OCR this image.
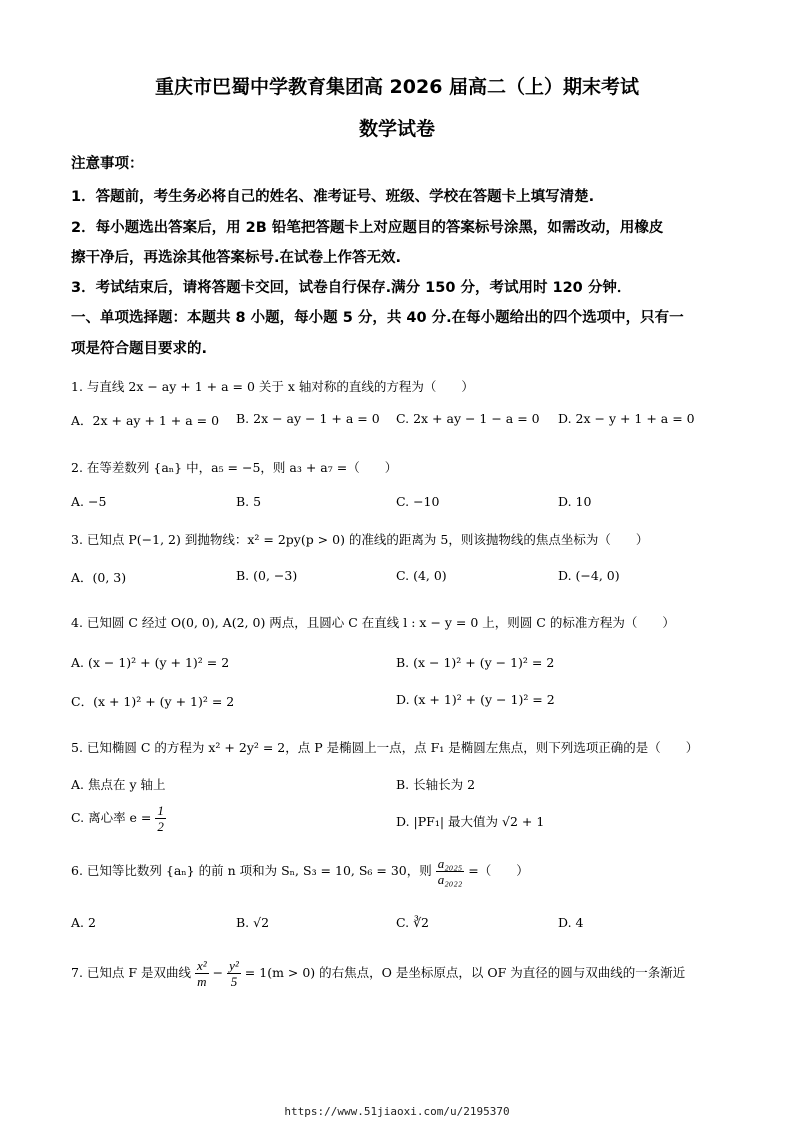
重庆市巴蜀中学教育集团高 2026 届高二（上）期末考试
数学试卷
注意事项：
1．答题前，考生务必将自己的姓名、准考证号、班级、学校在答题卡上填写清楚.
2．每小题选出答案后，用 2B 铅笔把答题卡上对应题目的答案标号涂黑，如需改动，用橡皮
擦干净后，再选涂其他答案标号.在试卷上作答无效.
3．考试结束后，请将答题卡交回，试卷自行保存.满分 150 分，考试用时 120 分钟．
一、单项选择题：本题共 8 小题，每小题 5 分，共 40 分.在每小题给出的四个选项中，只有一
项是符合题目要求的.
1. 与直线 2x − ay + 1 + a = 0 关于 x 轴对称的直线的方程为（　　）
A．2x + ay + 1 + a = 0 B. 2x − ay − 1 + a = 0 C. 2x + ay − 1 − a = 0 D. 2x − y + 1 + a = 0
2. 在等差数列 {aₙ} 中，a₅ = −5，则 a₃ + a₇ =（　　）
A. −5	B. 5	C. −10	D. 10
3. 已知点 P(−1, 2) 到抛物线：x² = 2py(p > 0) 的准线的距离为 5，则该抛物线的焦点坐标为（　　）
A．(0, 3)	B. (0, −3)	C. (4, 0)	D. (−4, 0)
4. 已知圆 C 经过 O(0, 0), A(2, 0) 两点，且圆心 C 在直线 l : x − y = 0 上，则圆 C 的标准方程为（　　）
A. (x − 1)² + (y + 1)² = 2	B. (x − 1)² + (y − 1)² = 2
C．(x + 1)² + (y + 1)² = 2	D. (x + 1)² + (y − 1)² = 2
5. 已知椭圆 C 的方程为 x² + 2y² = 2，点 P 是椭圆上一点，点 F₁ 是椭圆左焦点，则下列选项正确的是（　　）
A. 焦点在 y 轴上	B. 长轴长为 2
C. 离心率 $e = \frac{1}{2}$	D. |PF₁| 最大值为 √2 + 1
6. 已知等比数列 {aₙ} 的前 n 项和为 Sₙ, S₃ = 10, S₆ = 30，则 $\frac{\text{a₂₀₂₅}}{\text{a₂₀₂₂}}$ =（　　）
A. 2	B. √2	C. ∛2	D. 4
7. 已知点 F 是双曲线 $\frac{\text{x²}}{m} - \frac{\text{y²}}{5} = 1(m > 0)$ 的右焦点，O 是坐标原点，以 OF 为直径的圆与双曲线的一条渐近
https://www.51jiaoxi.com/u/2195370
